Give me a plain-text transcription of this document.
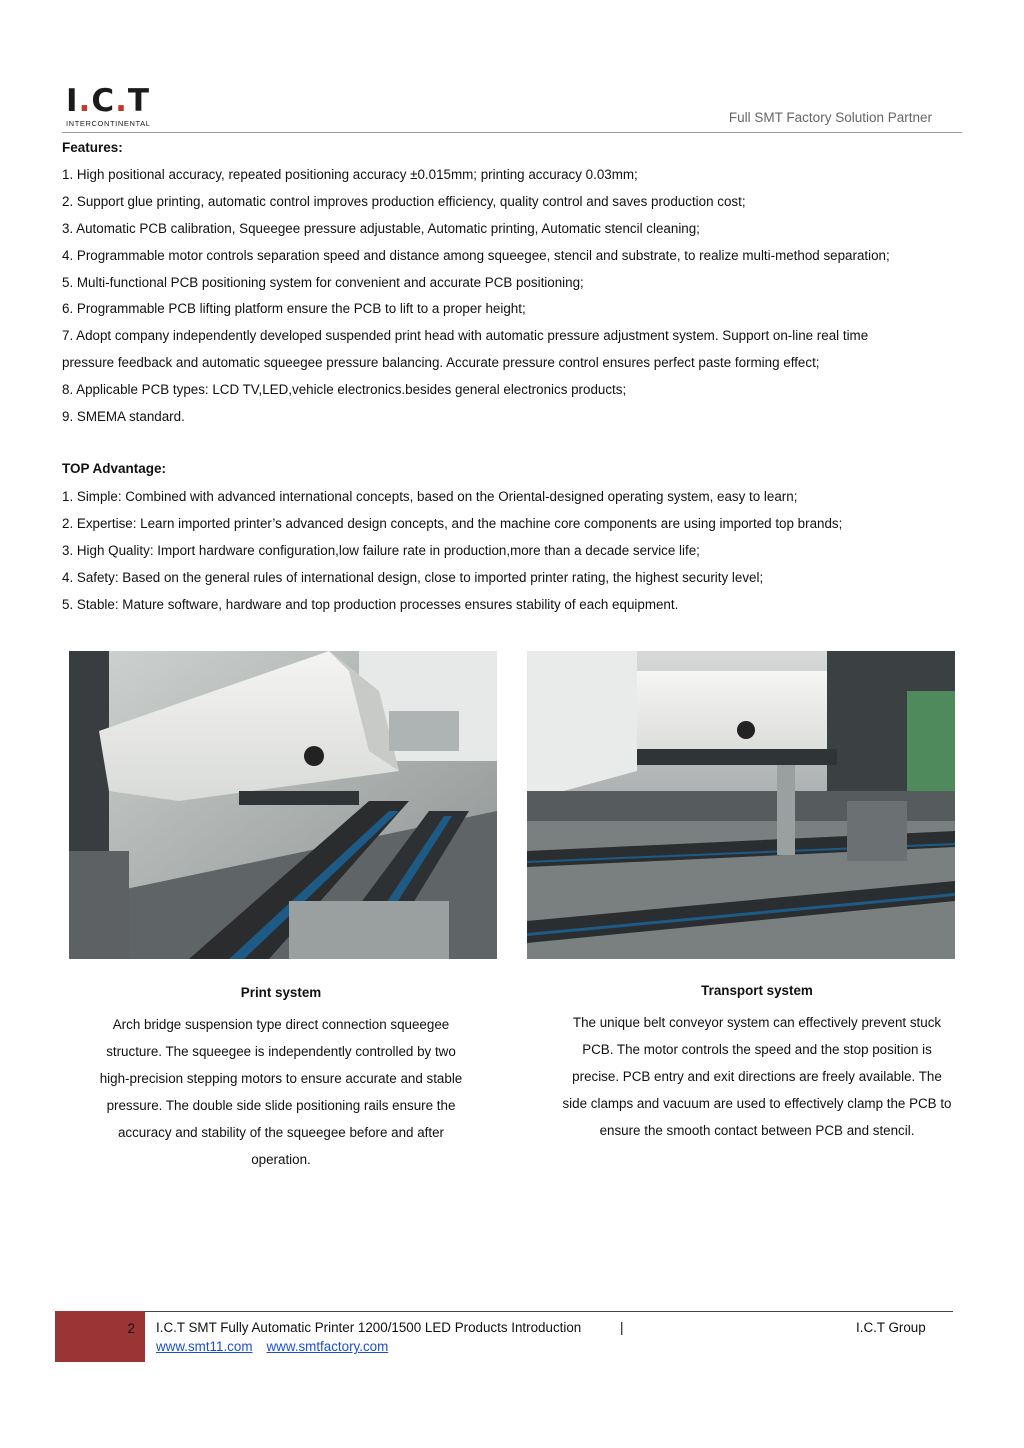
I.C.T
INTERCONTINENTAL	Full SMT Factory Solution Partner
Features:
1. High positional accuracy, repeated positioning accuracy ±0.015mm; printing accuracy 0.03mm;
2. Support glue printing, automatic control improves production efficiency, quality control and saves production cost;
3. Automatic PCB calibration, Squeegee pressure adjustable, Automatic printing, Automatic stencil cleaning;
4. Programmable motor controls separation speed and distance among squeegee, stencil and substrate, to realize multi-method separation;
5. Multi-functional PCB positioning system for convenient and accurate PCB positioning;
6. Programmable PCB lifting platform ensure the PCB to lift to a proper height;
7. Adopt company independently developed suspended print head with automatic pressure adjustment system. Support on-line real time
pressure feedback and automatic squeegee pressure balancing. Accurate pressure control ensures perfect paste forming effect;
8. Applicable PCB types: LCD TV,LED,vehicle electronics.besides general electronics products;
9. SMEMA standard.
TOP Advantage:
1. Simple: Combined with advanced international concepts, based on the Oriental-designed operating system, easy to learn;
2. Expertise: Learn imported printer’s advanced design concepts, and the machine core components are using imported top brands;
3. High Quality: Import hardware configuration,low failure rate in production,more than a decade service life;
4. Safety: Based on the general rules of international design, close to imported printer rating, the highest security level;
5. Stable: Mature software, hardware and top production processes ensures stability of each equipment.
Print system
Arch bridge suspension type direct connection squeegee
structure. The squeegee is independently controlled by two
high-precision stepping motors to ensure accurate and stable
pressure. The double side slide positioning rails ensure the
accuracy and stability of the squeegee before and after
operation.
Transport system
The unique belt conveyor system can effectively prevent stuck
PCB. The motor controls the speed and the stop position is
precise. PCB entry and exit directions are freely available. The
side clamps and vacuum are used to effectively clamp the PCB to
ensure the smooth contact between PCB and stencil.
2 I.C.T SMT Fully Automatic Printer 1200/1500 LED Products Introduction	|	I.C.T Group
www.smt11.com www.smtfactory.com
